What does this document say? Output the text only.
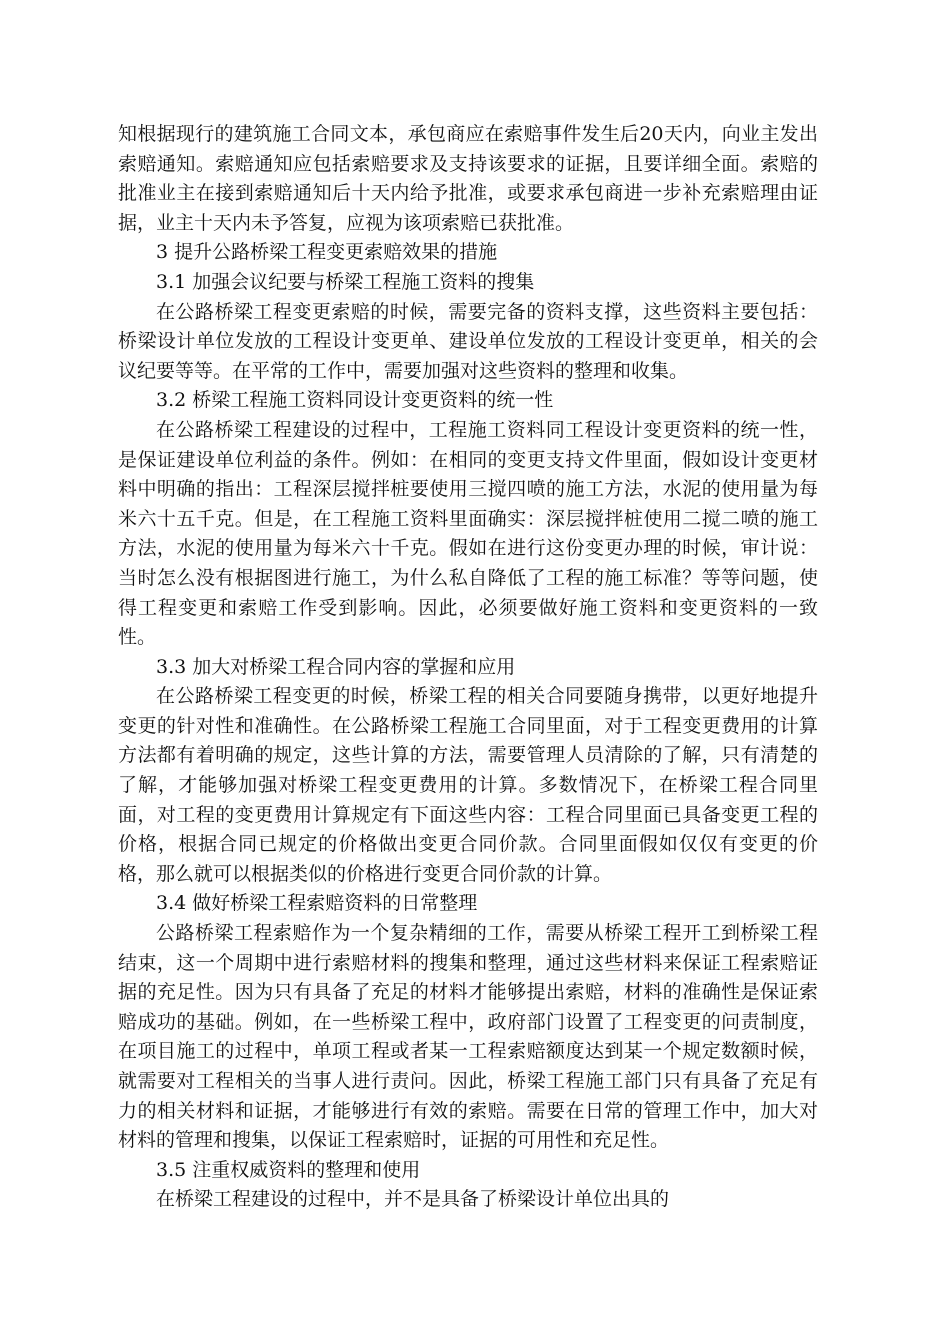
知根据现行的建筑施工合同文本，承包商应在索赔事件发生后20天内，向业主发出索赔通知。索赔通知应包括索赔要求及支持该要求的证据，且要详细全面。索赔的批准业主在接到索赔通知后十天内给予批准，或要求承包商进一步补充索赔理由证据，业主十天内未予答复，应视为该项索赔已获批准。

3 提升公路桥梁工程变更索赔效果的措施

3.1 加强会议纪要与桥梁工程施工资料的搜集

在公路桥梁工程变更索赔的时候，需要完备的资料支撑，这些资料主要包括：桥梁设计单位发放的工程设计变更单、建设单位发放的工程设计变更单，相关的会议纪要等等。在平常的工作中，需要加强对这些资料的整理和收集。

3.2 桥梁工程施工资料同设计变更资料的统一性

在公路桥梁工程建设的过程中，工程施工资料同工程设计变更资料的统一性，是保证建设单位利益的条件。例如：在相同的变更支持文件里面，假如设计变更材料中明确的指出：工程深层搅拌桩要使用三搅四喷的施工方法，水泥的使用量为每米六十五千克。但是，在工程施工资料里面确实：深层搅拌桩使用二搅二喷的施工方法，水泥的使用量为每米六十千克。假如在进行这份变更办理的时候，审计说：当时怎么没有根据图进行施工，为什么私自降低了工程的施工标准？等等问题，使得工程变更和索赔工作受到影响。因此，必须要做好施工资料和变更资料的一致性。

3.3 加大对桥梁工程合同内容的掌握和应用

在公路桥梁工程变更的时候，桥梁工程的相关合同要随身携带，以更好地提升变更的针对性和准确性。在公路桥梁工程施工合同里面，对于工程变更费用的计算方法都有着明确的规定，这些计算的方法，需要管理人员清除的了解，只有清楚的了解，才能够加强对桥梁工程变更费用的计算。多数情况下，在桥梁工程合同里面，对工程的变更费用计算规定有下面这些内容：工程合同里面已具备变更工程的价格，根据合同已规定的价格做出变更合同价款。合同里面假如仅仅有变更的价格，那么就可以根据类似的价格进行变更合同价款的计算。

3.4 做好桥梁工程索赔资料的日常整理

公路桥梁工程索赔作为一个复杂精细的工作，需要从桥梁工程开工到桥梁工程结束，这一个周期中进行索赔材料的搜集和整理，通过这些材料来保证工程索赔证据的充足性。因为只有具备了充足的材料才能够提出索赔，材料的准确性是保证索赔成功的基础。例如，在一些桥梁工程中，政府部门设置了工程变更的问责制度，在项目施工的过程中，单项工程或者某一工程索赔额度达到某一个规定数额时候，就需要对工程相关的当事人进行责问。因此，桥梁工程施工部门只有具备了充足有力的相关材料和证据，才能够进行有效的索赔。需要在日常的管理工作中，加大对材料的管理和搜集，以保证工程索赔时，证据的可用性和充足性。

3.5 注重权威资料的整理和使用

在桥梁工程建设的过程中，并不是具备了桥梁设计单位出具的
